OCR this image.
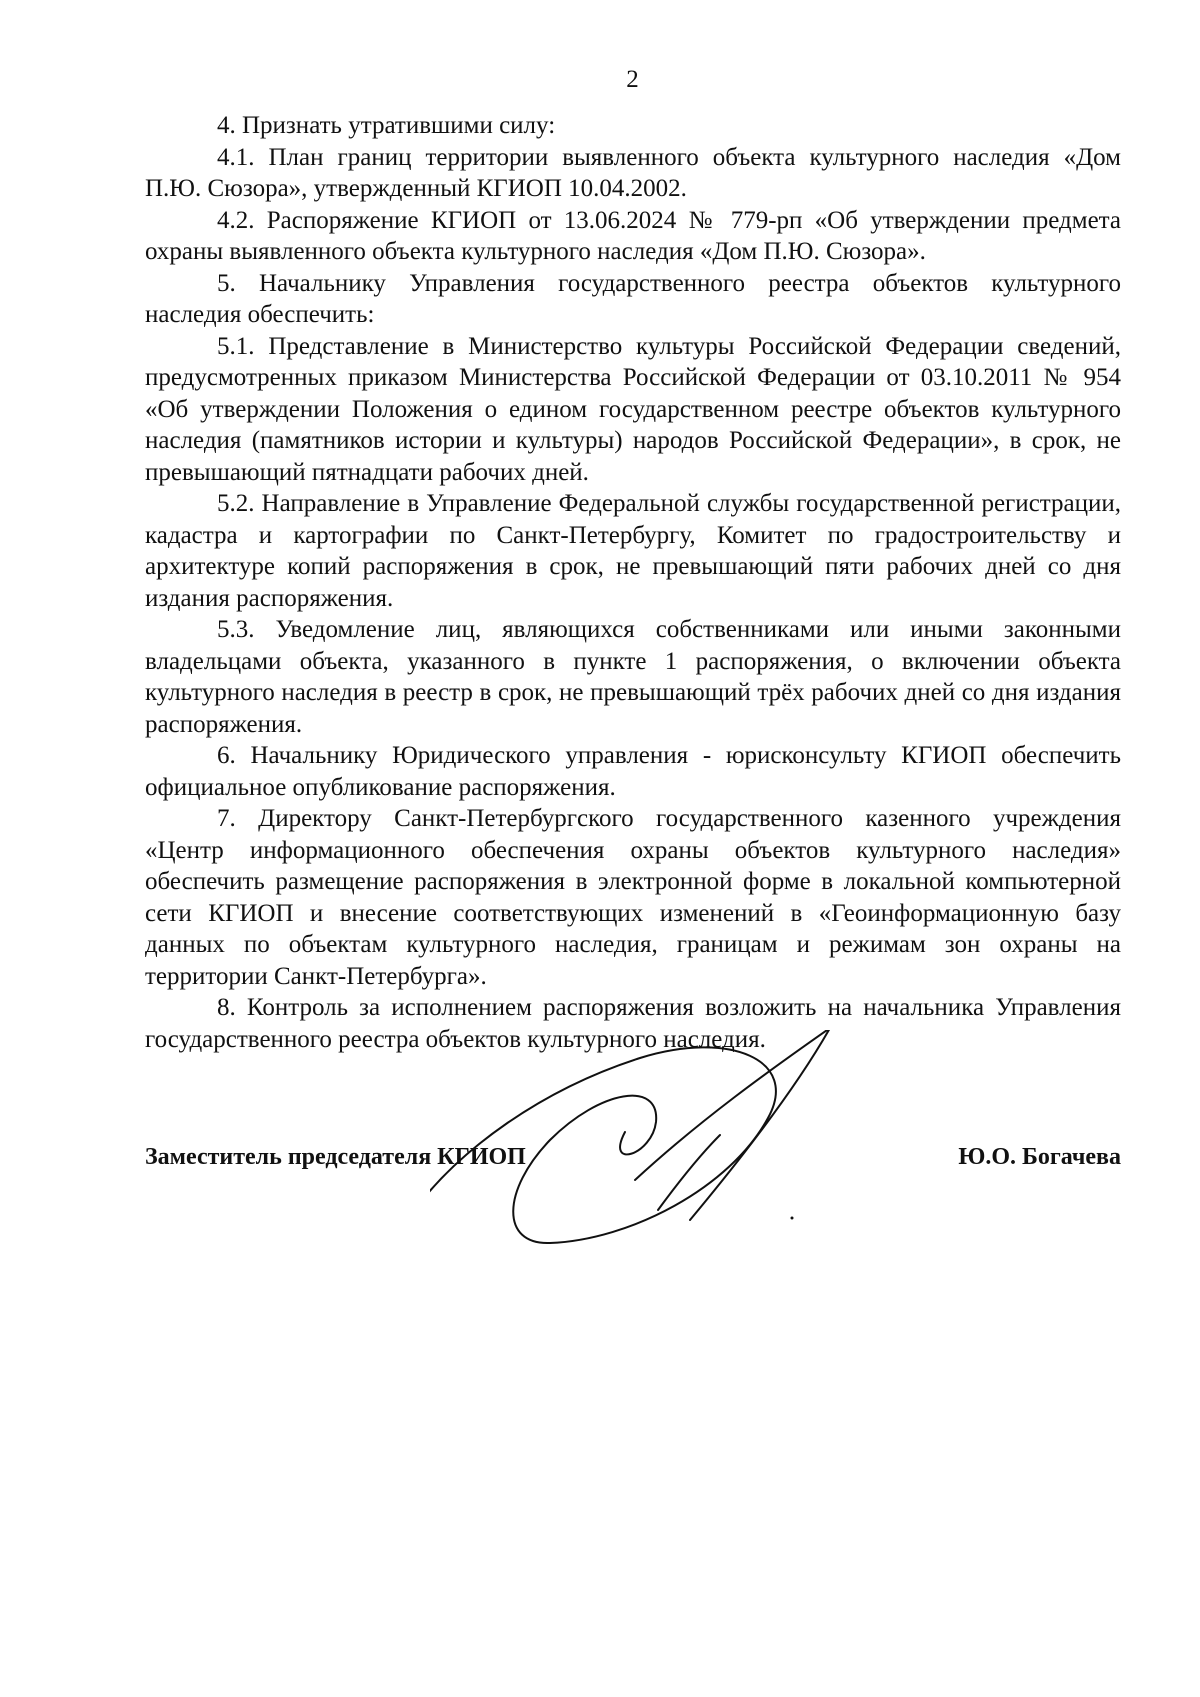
2

4. Признать утратившими силу:

4.1. План границ территории выявленного объекта культурного наследия «Дом П.Ю. Сюзора», утвержденный КГИОП 10.04.2002.

4.2. Распоряжение КГИОП от 13.06.2024 № 779-рп «Об утверждении предмета охраны выявленного объекта культурного наследия «Дом П.Ю. Сюзора».

5. Начальнику Управления государственного реестра объектов культурного наследия обеспечить:

5.1. Представление в Министерство культуры Российской Федерации сведений, предусмотренных приказом Министерства Российской Федерации от 03.10.2011 № 954 «Об утверждении Положения о едином государственном реестре объектов культурного наследия (памятников истории и культуры) народов Российской Федерации», в срок, не превышающий пятнадцати рабочих дней.

5.2. Направление в Управление Федеральной службы государственной регистрации, кадастра и картографии по Санкт-Петербургу, Комитет по градостроительству и архитектуре копий распоряжения в срок, не превышающий пяти рабочих дней со дня издания распоряжения.

5.3. Уведомление лиц, являющихся собственниками или иными законными владельцами объекта, указанного в пункте 1 распоряжения, о включении объекта культурного наследия в реестр в срок, не превышающий трёх рабочих дней со дня издания распоряжения.

6. Начальнику Юридического управления - юрисконсульту КГИОП обеспечить официальное опубликование распоряжения.

7. Директору Санкт-Петербургского государственного казенного учреждения «Центр информационного обеспечения охраны объектов культурного наследия» обеспечить размещение распоряжения в электронной форме в локальной компьютерной сети КГИОП и внесение соответствующих изменений в «Геоинформационную базу данных по объектам культурного наследия, границам и режимам зон охраны на территории Санкт-Петербурга».

8. Контроль за исполнением распоряжения возложить на начальника Управления государственного реестра объектов культурного наследия.

Заместитель председателя КГИОП	Ю.О. Богачева
